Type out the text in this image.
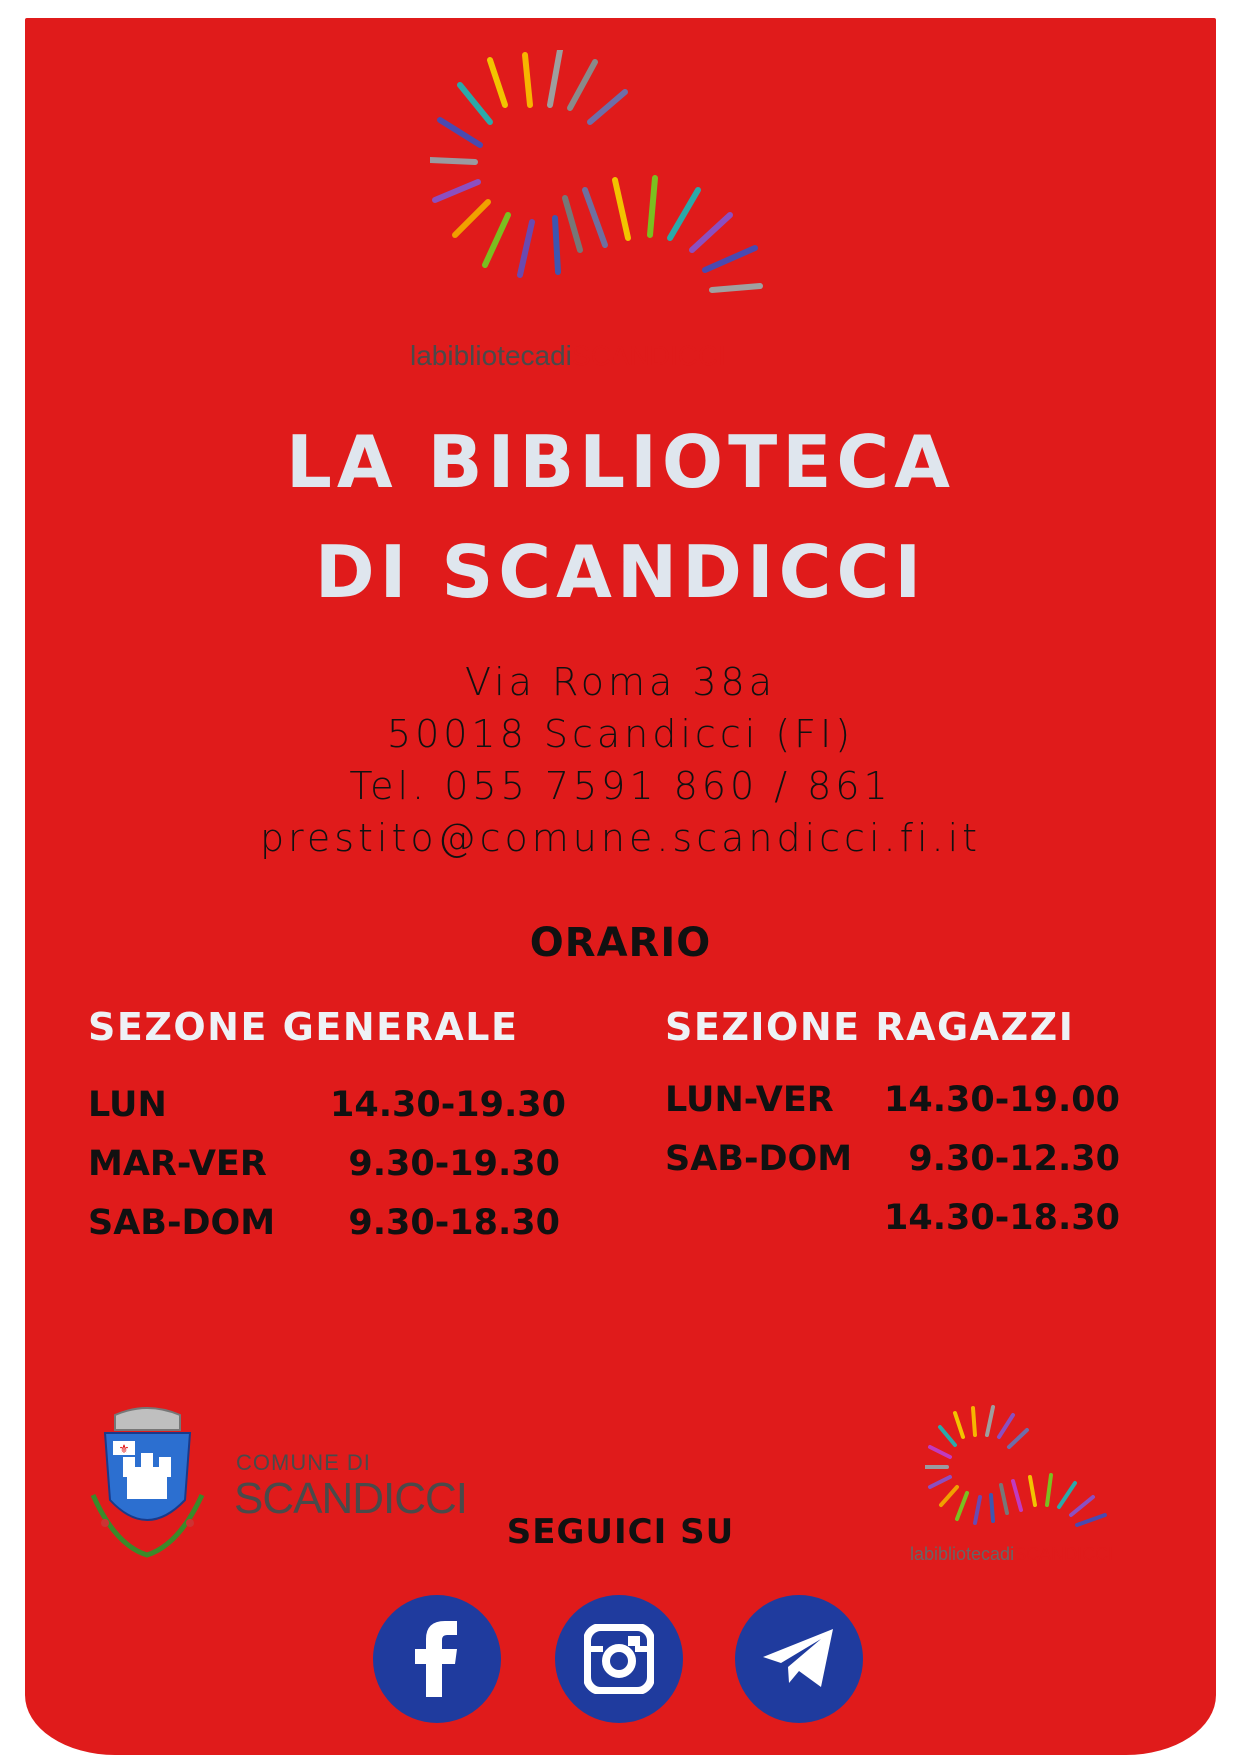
labibliotecadiSCANDICCI
LA BIBLIOTECA
DI SCANDICCI
Via Roma 38a
50018 Scandicci (FI)
Tel. 055 7591 860 / 861
prestito@comune.scandicci.fi.it
ORARIO
SEZONE GENERALE	SEZIONE RAGAZZI
LUN	14.30-19.30
MAR-VER	9.30-19.30
SAB-DOM	9.30-18.30
LUN-VER 14.30-19.00
SAB-DOM	9.30-12.30
14.30-18.30
⚜
COMUNE DI
SCANDICCI
labibliotecadiSCANDICCI
SEGUICI SU
